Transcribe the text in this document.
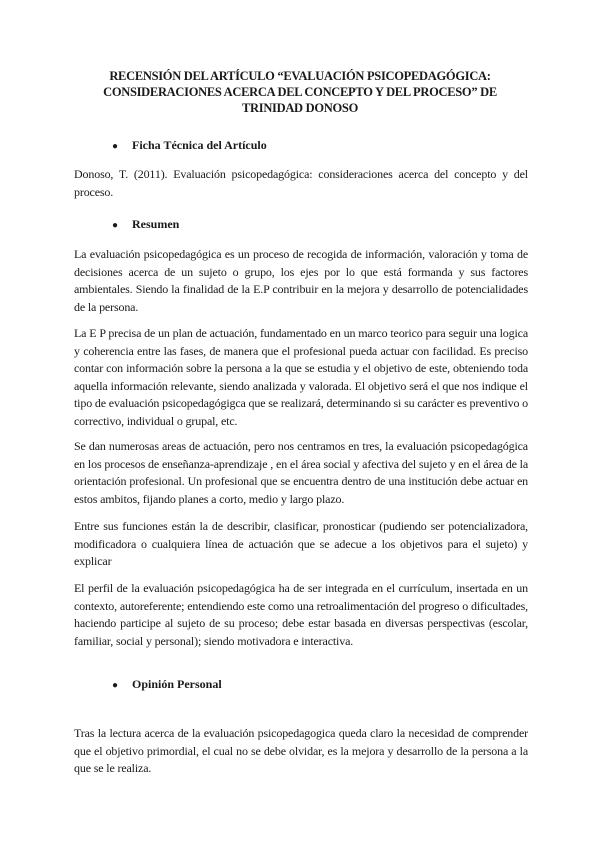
RECENSIÓN DEL ARTÍCULO “EVALUACIÓN PSICOPEDAGÓGICA:
CONSIDERACIONES ACERCA DEL CONCEPTO Y DEL PROCESO” DE
TRINIDAD DONOSO
● Ficha Técnica del Artículo
Donoso, T. (2011). Evaluación psicopedagógica: consideraciones acerca del concepto y del proceso.
● Resumen
La evaluación psicopedagógica es un proceso de recogida de información, valoración y toma de decisiones acerca de un sujeto o grupo, los ejes por lo que está formanda y sus factores ambientales. Siendo la finalidad de la E.P contribuir en la mejora y desarrollo de potencialidades de la persona.
La E P precisa de un plan de actuación, fundamentado en un marco teorico para seguir una logica y coherencia entre las fases, de manera que el profesional pueda actuar con facilidad. Es preciso contar con información sobre la persona a la que se estudia y el objetivo de este, obteniendo toda aquella información relevante, siendo analizada y valorada. El objetivo será el que nos indique el tipo de evaluación psicopedagógigca que se realizará, determinando si su carácter es preventivo o correctivo, individual o grupal, etc.
Se dan numerosas areas de actuación, pero nos centramos en tres, la evaluación psicopedagógica en los procesos de enseñanza-aprendizaje , en el área social y afectiva del sujeto y en el área de la orientación profesional. Un profesional que se encuentra dentro de una institución debe actuar en estos ambitos, fijando planes a corto, medio y largo plazo.
Entre sus funciones están la de describir, clasificar, pronosticar (pudiendo ser potencializadora, modificadora o cualquiera línea de actuación que se adecue a los objetivos para el sujeto) y explicar
El perfil de la evaluación psicopedagógica ha de ser integrada en el currículum, insertada en un contexto, autoreferente; entendiendo este como una retroalimentación del progreso o dificultades, haciendo participe al sujeto de su proceso; debe estar basada en diversas perspectivas (escolar, familiar, social y personal); siendo motivadora e interactiva.
● Opinión Personal
Tras la lectura acerca de la evaluación psicopedagogica queda claro la necesidad de comprender que el objetivo primordial, el cual no se debe olvidar, es la mejora y desarrollo de la persona a la que se le realiza.
